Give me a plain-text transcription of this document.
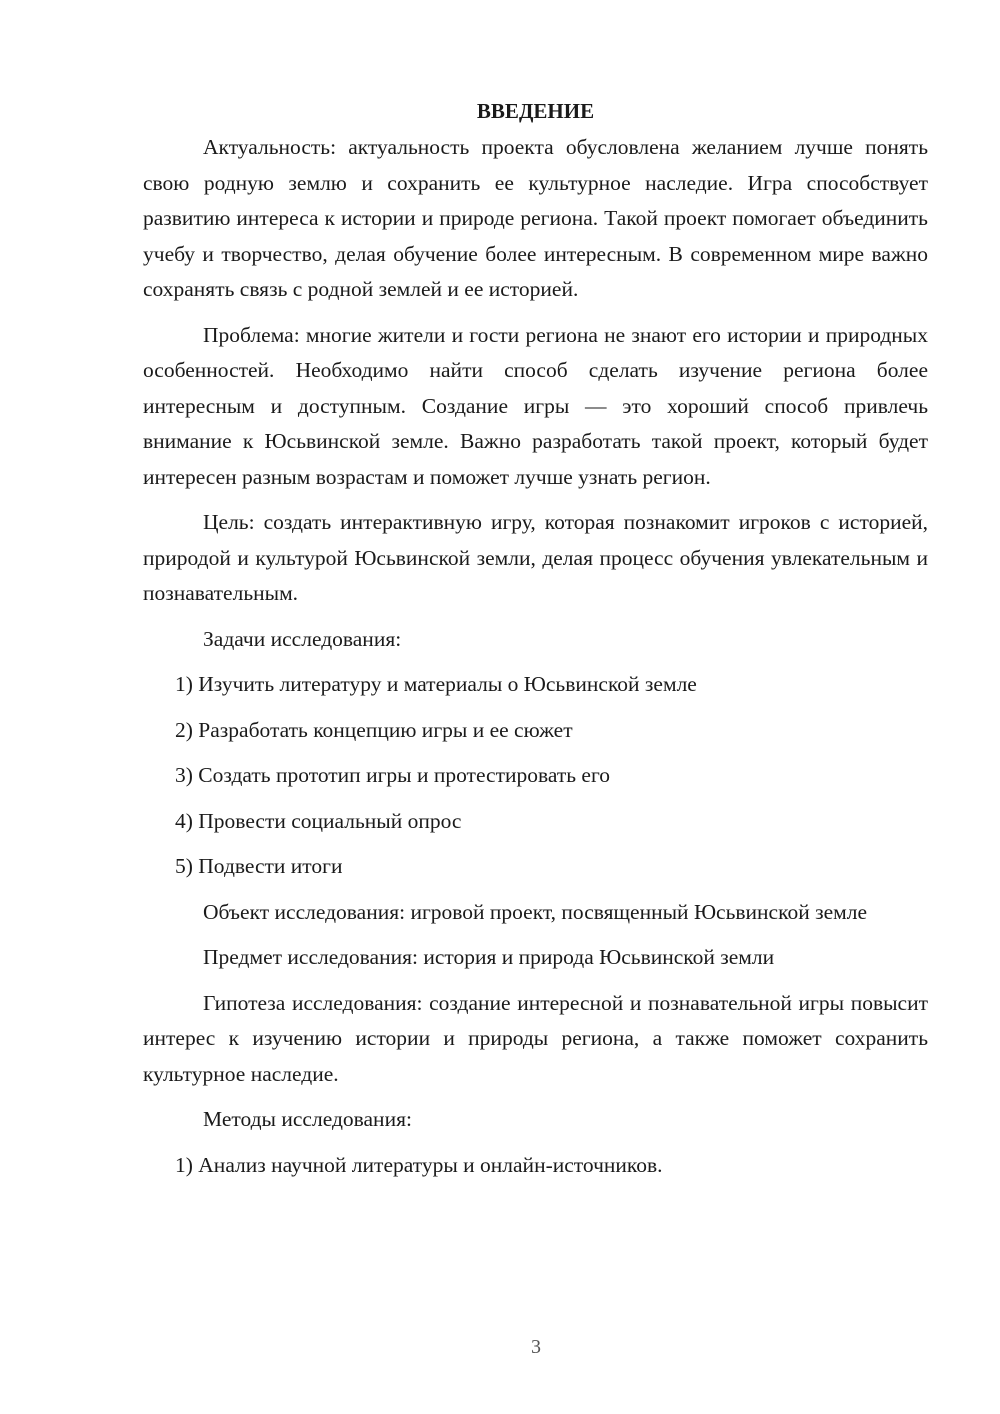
ВВЕДЕНИЕ

Актуальность: актуальность проекта обусловлена желанием лучше понять свою родную землю и сохранить ее культурное наследие. Игра способствует развитию интереса к истории и природе региона. Такой проект помогает объединить учебу и творчество, делая обучение более интересным. В современном мире важно сохранять связь с родной землей и ее историей.

Проблема: многие жители и гости региона не знают его истории и природных особенностей. Необходимо найти способ сделать изучение региона более интересным и доступным. Создание игры — это хороший способ привлечь внимание к Юсьвинской земле. Важно разработать такой проект, который будет интересен разным возрастам и поможет лучше узнать регион.

Цель: создать интерактивную игру, которая познакомит игроков с историей, природой и культурой Юсьвинской земли, делая процесс обучения увлекательным и познавательным.

Задачи исследования:

1) Изучить литературу и материалы о Юсьвинской земле

2) Разработать концепцию игры и ее сюжет

3) Создать прототип игры и протестировать его

4) Провести социальный опрос

5) Подвести итоги

Объект исследования: игровой проект, посвященный Юсьвинской земле

Предмет исследования: история и природа Юсьвинской земли

Гипотеза исследования: создание интересной и познавательной игры повысит интерес к изучению истории и природы региона, а также поможет сохранить культурное наследие.

Методы исследования:

1) Анализ научной литературы и онлайн-источников.

3
